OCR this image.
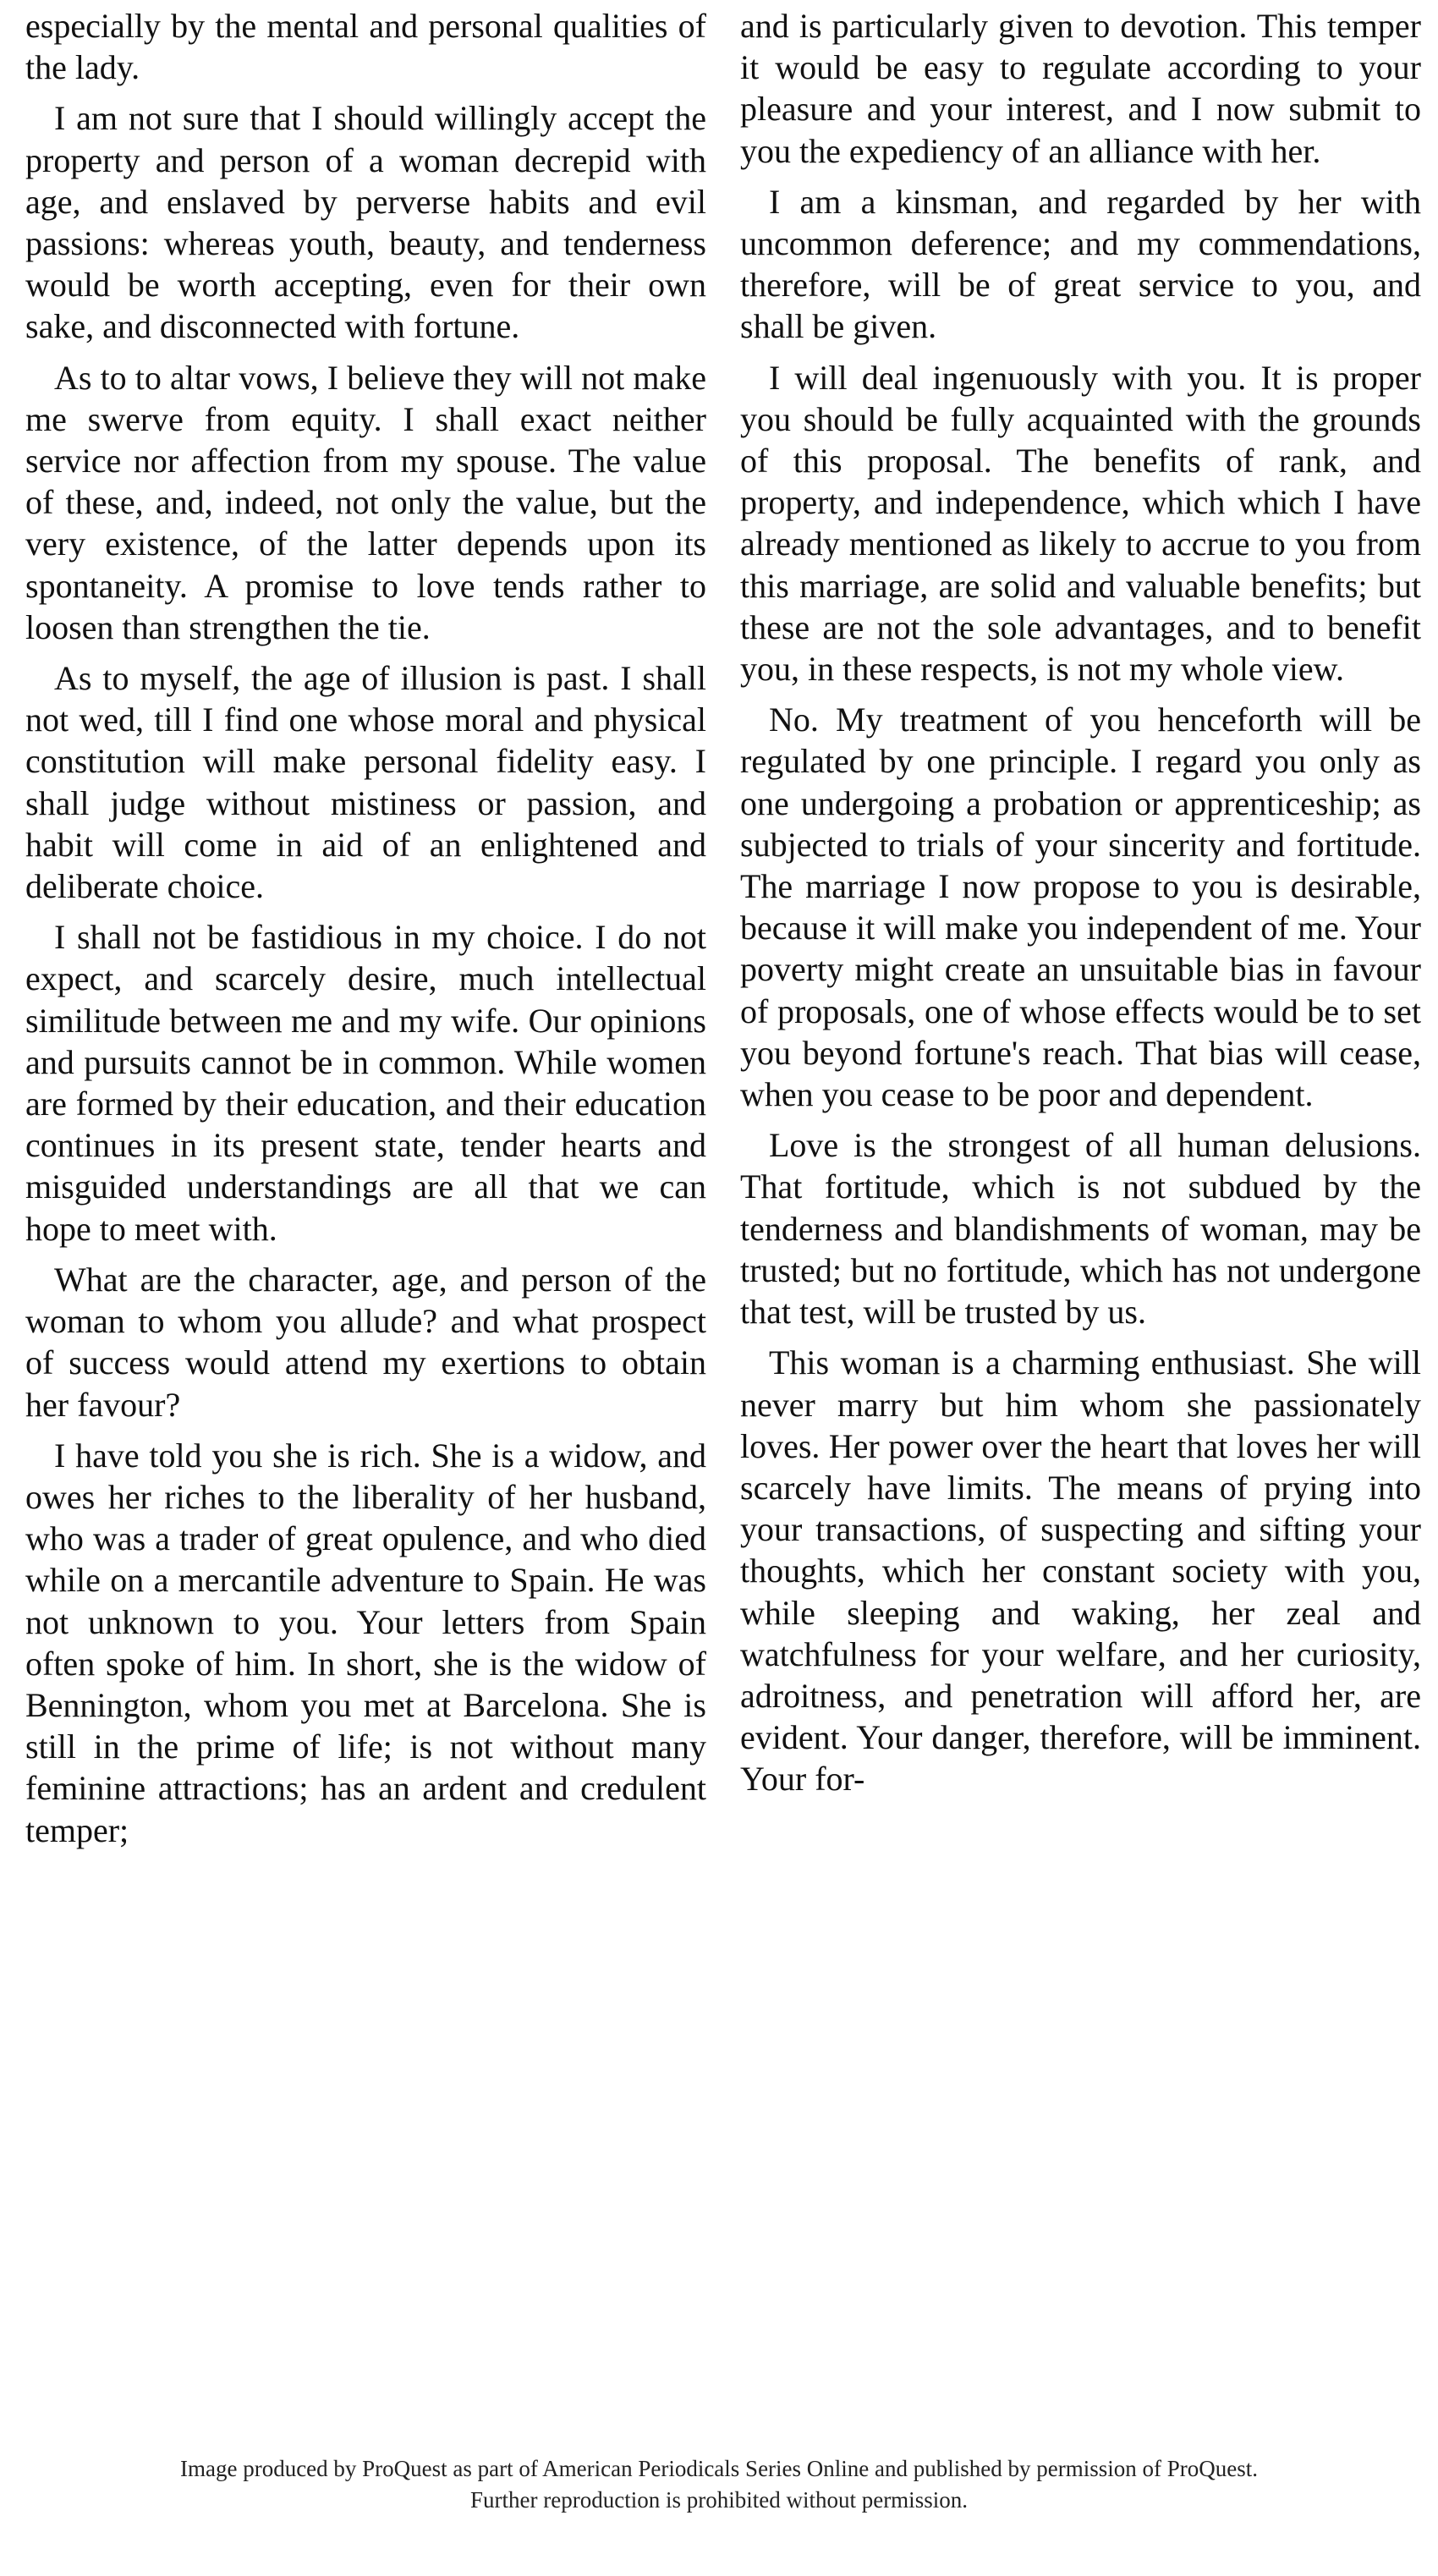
especially by the mental and personal qualities of the lady.

I am not sure that I should willingly accept the property and person of a woman decrepid with age, and enslaved by perverse habits and evil passions: whereas youth, beauty, and tenderness would be worth accepting, even for their own sake, and disconnected with fortune.

As to to altar vows, I believe they will not make me swerve from equity. I shall exact neither service nor affection from my spouse. The value of these, and, indeed, not only the value, but the very existence, of the latter depends upon its spontaneity. A promise to love tends rather to loosen than strengthen the tie.

As to myself, the age of illusion is past. I shall not wed, till I find one whose moral and physical constitution will make personal fidelity easy. I shall judge without mistiness or passion, and habit will come in aid of an enlightened and deliberate choice.

I shall not be fastidious in my choice. I do not expect, and scarcely desire, much intellectual similitude between me and my wife. Our opinions and pursuits cannot be in common. While women are formed by their education, and their education continues in its present state, tender hearts and misguided understandings are all that we can hope to meet with.

What are the character, age, and person of the woman to whom you allude? and what prospect of success would attend my exertions to obtain her favour?

I have told you she is rich. She is a widow, and owes her riches to the liberality of her husband, who was a trader of great opulence, and who died while on a mercantile adventure to Spain. He was not unknown to you. Your letters from Spain often spoke of him. In short, she is the widow of Bennington, whom you met at Barcelona. She is still in the prime of life; is not without many feminine attractions; has an ardent and credulent temper;

and is particularly given to devotion. This temper it would be easy to regulate according to your pleasure and your interest, and I now submit to you the expediency of an alliance with her.

I am a kinsman, and regarded by her with uncommon deference; and my commendations, therefore, will be of great service to you, and shall be given.

I will deal ingenuously with you. It is proper you should be fully acquainted with the grounds of this proposal. The benefits of rank, and property, and independence, which which I have already mentioned as likely to accrue to you from this marriage, are solid and valuable benefits; but these are not the sole advantages, and to benefit you, in these respects, is not my whole view.

No. My treatment of you henceforth will be regulated by one principle. I regard you only as one undergoing a probation or apprenticeship; as subjected to trials of your sincerity and fortitude. The marriage I now propose to you is desirable, because it will make you independent of me. Your poverty might create an unsuitable bias in favour of proposals, one of whose effects would be to set you beyond fortune's reach. That bias will cease, when you cease to be poor and dependent.

Love is the strongest of all human delusions. That fortitude, which is not subdued by the tenderness and blandishments of woman, may be trusted; but no fortitude, which has not undergone that test, will be trusted by us.

This woman is a charming enthusiast. She will never marry but him whom she passionately loves. Her power over the heart that loves her will scarcely have limits. The means of prying into your transactions, of suspecting and sifting your thoughts, which her constant society with you, while sleeping and waking, her zeal and watchfulness for your welfare, and her curiosity, adroitness, and penetration will afford her, are evident. Your danger, therefore, will be imminent. Your for-

Image produced by ProQuest as part of American Periodicals Series Online and published by permission of ProQuest.
Further reproduction is prohibited without permission.
